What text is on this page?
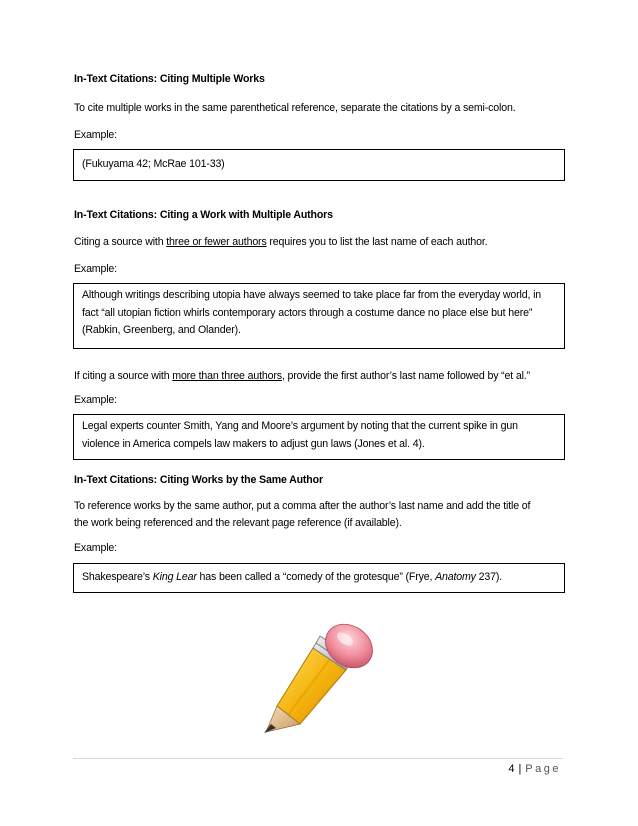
In-Text Citations: Citing Multiple Works
To cite multiple works in the same parenthetical reference, separate the citations by a semi-colon.
Example:
(Fukuyama 42; McRae 101-33)
In-Text Citations: Citing a Work with Multiple Authors
Citing a source with three or fewer authors requires you to list the last name of each author.
Example:
Although writings describing utopia have always seemed to take place far from the everyday world, in
fact “all utopian fiction whirls contemporary actors through a costume dance no place else but here”
(Rabkin, Greenberg, and Olander).
If citing a source with more than three authors, provide the first author’s last name followed by “et al.”
Example:
Legal experts counter Smith, Yang and Moore’s argument by noting that the current spike in gun
violence in America compels law makers to adjust gun laws (Jones et al. 4).
In-Text Citations: Citing Works by the Same Author
To reference works by the same author, put a comma after the author’s last name and add the title of
the work being referenced and the relevant page reference (if available).
Example:
Shakespeare’s King Lear has been called a “comedy of the grotesque” (Frye, Anatomy 237).
4 | Page
